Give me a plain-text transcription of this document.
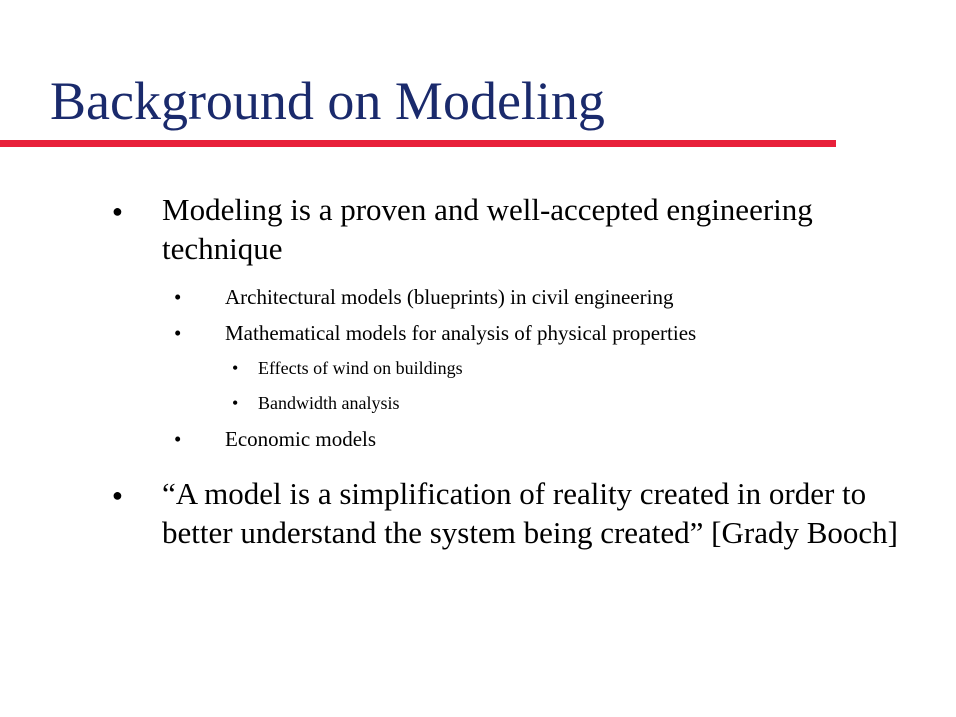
Background on Modeling
● Modeling is a proven and well-accepted engineering technique
• Architectural models (blueprints) in civil engineering
• Mathematical models for analysis of physical properties
• Effects of wind on buildings
• Bandwidth analysis
• Economic models
● “A model is a simplification of reality created in order to better understand the system being created” [Grady Booch]
